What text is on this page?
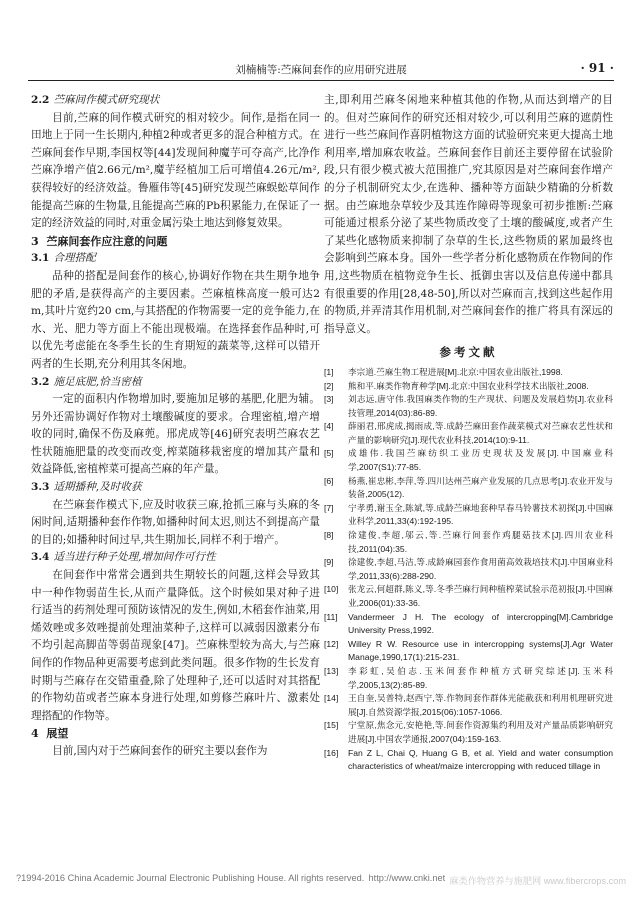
刘楠楠等:苎麻间套作的应用研究进展	· 91 ·
2.2 苎麻间作模式研究现状

目前,苎麻的间作模式研究的相对较少。间作,是指在同一田地上于同一生长期内,种植2种或者更多的混合种植方式。在苎麻间套作早期,李国权等[44]发现间种魔芋可夺高产,比净作苎麻净增产值2.66元/m²,魔芋经植加工后可增值4.26元/m²,获得较好的经济效益。鲁雁伟等[45]研究发现苎麻蜈蚣草间作能提高苎麻的生物量,且能提高苎麻的Pb积累能力,在保证了一定的经济效益的同时,对重金属污染土地达到修复效果。

3 苎麻间套作应注意的问题
3.1 合理搭配

品种的搭配是间套作的核心,协调好作物在共生期争地争肥的矛盾,是获得高产的主要因素。苎麻植株高度一般可达2 m,其叶片宽约20 cm,与其搭配的作物需要一定的竞争能力,在水、光、肥力等方面上不能出现极端。在选择套作品种时,可以优先考虑能在冬季生长的生育期短的蔬菜等,这样可以错开两者的生长期,充分利用其冬闲地。

3.2 施足底肥,恰当密植

一定的面积内作物增加时,要施加足够的基肥,化肥为辅。另外还需协调好作物对土壤酸碱度的要求。合理密植,增产增收的同时,确保不伤及麻蔸。邢虎成等[46]研究表明苎麻农艺性状随施肥量的改变而改变,榨菜随移栽密度的增加其产量和效益降低,密植榨菜可提高苎麻的年产量。

3.3 适期播种,及时收获

在苎麻套作模式下,应及时收获三麻,抢抓三麻与头麻的冬闲时间,适期播种套作作物,如播种时间太迟,则达不到提高产量的目的;如播种时间过早,共生期加长,同样不利于增产。

3.4 适当进行种子处理,增加间作可行性

在间套作中常常会遇到共生期较长的问题,这样会导致其中一种作物弱苗生长,从而产量降低。这个时候如果对种子进行适当的药剂处理可预防该情况的发生,例如,木稻套作油菜,用烯效唑或多效唑提前处理油菜种子,这样可以减弱因激素分布不均引起高脚苗等弱苗现象[47]。苎麻株型较为高大,与苎麻间作的作物品种更需要考虑到此类问题。很多作物的生长发育时期与苎麻存在交错重叠,除了处理种子,还可以适时对其搭配的作物幼苗或者苎麻本身进行处理,如剪修苎麻叶片、激素处理搭配的作物等。

4 展望

目前,国内对于苎麻间套作的研究主要以套作为

主,即利用苎麻冬闲地来种植其他的作物,从而达到增产的目的。但对苎麻间作的研究还相对较少,可以利用苎麻的遮荫性进行一些苎麻间作喜阴植物这方面的试验研究来更大提高土地利用率,增加麻农收益。苎麻间套作目前还主要停留在试验阶段,只有很少模式被大范围推广,究其原因是对苎麻间套作增产的分子机制研究太少,在选种、播种等方面缺少精确的分析数据。由苎麻地杂草较少及其连作障碍等现象可初步推断:苎麻可能通过根系分泌了某些物质改变了土壤的酸碱度,或者产生了某些化感物质来抑制了杂草的生长,这些物质的累加最终也会影响到苎麻本身。国外一些学者分析化感物质在作物间的作用,这些物质在植物竞争生长、抵御虫害以及信息传递中都具有很重要的作用[28,48-50],所以对苎麻而言,找到这些起作用的物质,并弄清其作用机制,对苎麻间套作的推广将具有深远的指导意义。

参考文献
[1]	李宗道.苎麻生物工程进展[M].北京:中国农业出版社,1998.
[2]	熊和平.麻类作物育种学[M].北京:中国农业科学技术出版社,2008.
[3]	刘志远,唐守伟.我国麻类作物的生产现状、问题及发展趋势[J].农业科技管理,2014(03):86-89.
[4]	薛丽君,邢虎成,揭雨成,等.成龄苎麻田套作蔬菜模式对苎麻农艺性状和产量的影响研究[J].现代农业科技,2014(10):9-11.
[5]	成雄伟.我国苎麻纺织工业历史现状及发展[J].中国麻业科学,2007(S1):77-85.
[6]	杨燕,崔忠彬,李萍,等.四川达州苎麻产业发展的几点思考[J].农业开发与装备,2005(12).
[7]	宁孝勇,谢玉全,陈斌,等.成龄苎麻地套种早春马铃薯技术初探[J].中国麻业科学,2011,33(4):192-195.
[8]	徐建俊,李超,邬云,等.苎麻行间套作鸡腿菇技术[J].四川农业科技,2011(04):35.
[9]	徐建俊,李超,马洁,等.成龄麻园套作食用菌高效栽培技术[J].中国麻业科学,2011,33(6):288-290.
[10]	张龙云,何超群,陈义,等.冬季苎麻行间种植榨菜试验示范初报[J].中国麻业,2006(01):33-36.
[11]	Vandermeer J H. The ecology of intercropping[M].Cambridge University Press,1992.
[12]	Willey R W. Resource use in intercropping systems[J].Agr Water Manage,1990,17(1):215-231.
[13]	李彩虹,吴伯志.玉米间套作种植方式研究综述[J].玉米科学,2005,13(2):85-89.
[14]	王自奎,吴普特,赵西宁,等.作物间套作群体光能截获和利用机理研究进展[J].自然资源学报,2015(06):1057-1066.
[15]	宁堂原,焦念元,安艳艳,等.间套作资源集约利用及对产量品质影响研究进展[J].中国农学通报,2007(04):159-163.
[16]	Fan Z L, Chai Q, Huang G B, et al. Yield and water consumption characteristics of wheat/maize intercropping with reduced tillage in
?1994-2016 China Academic Journal Electronic Publishing House. All rights reserved. http://www.cnki.net 麻类作物营养与施肥网 www.fibercrops.com
